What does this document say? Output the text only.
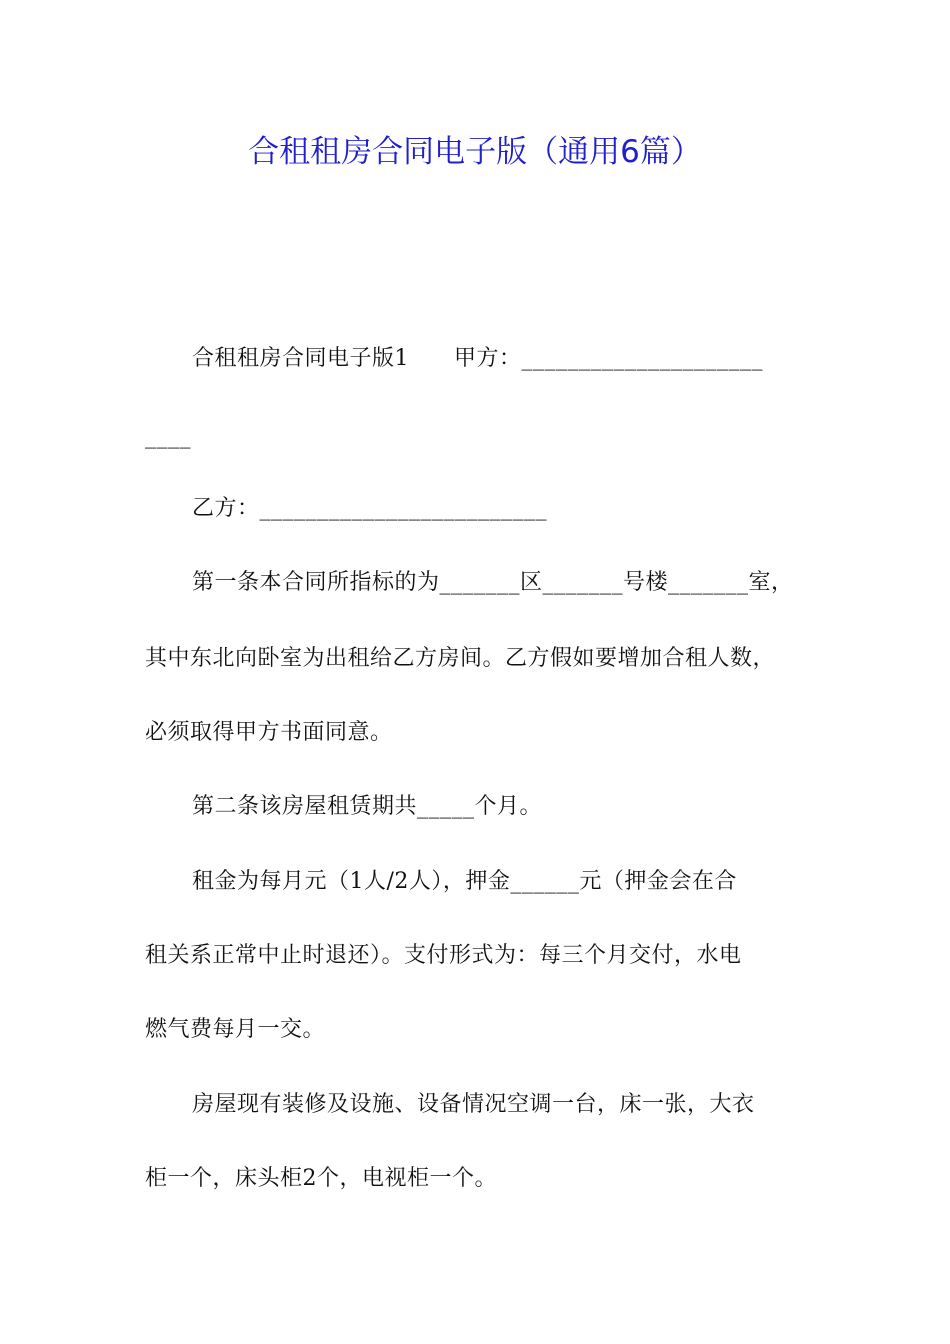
合租租房合同电子版（通用6篇）
合租租房合同电子版1　　甲方：_____________________
____
乙方：_________________________
第一条本合同所指标的为_______区_______号楼_______室，
其中东北向卧室为出租给乙方房间。乙方假如要增加合租人数，
必须取得甲方书面同意。
第二条该房屋租赁期共_____个月。
租金为每月元（1人/2人），押金______元（押金会在合
租关系正常中止时退还）。支付形式为：每三个月交付，水电
燃气费每月一交。
房屋现有装修及设施、设备情况空调一台，床一张，大衣
柜一个，床头柜2个，电视柜一个。
